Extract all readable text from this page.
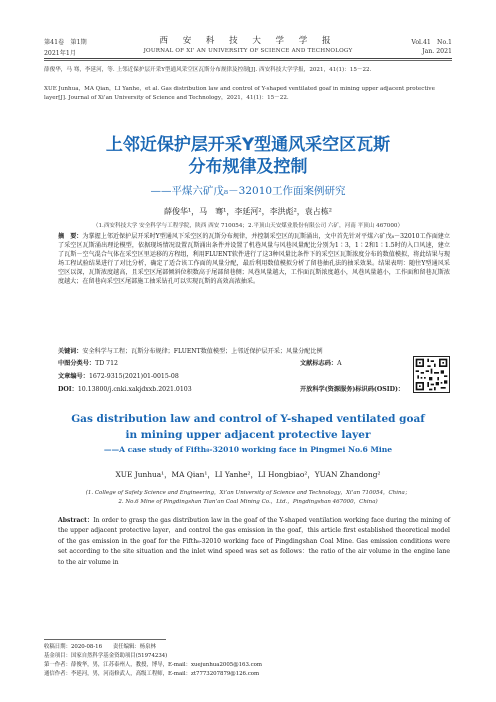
第41卷　第1期
2021年1月
西 安 科 技 大 学 学 报
JOURNAL OF XI’ AN UNIVERSITY OF SCIENCE AND TECHNOLOGY
Vol.41　No.1
Jan. 2021
薛俊华，马 骞，李延河，等. 上邻近保护层开采Y型通风采空区瓦斯分布规律及控制[J]. 西安科技大学学报，2021，41(1)：15－22.
XUE Junhua，MA Qian，LI Yanhe，et al. Gas distribution law and control of Y-shaped ventilated goaf in mining upper adjacent protective layer[J]. Journal of Xi’an University of Science and Technology，2021，41(1)：15－22.
上邻近保护层开采Y型通风采空区瓦斯
分布规律及控制
——平煤六矿戊₈－32010工作面案例研究
薛俊华¹，马　骞¹，李延河²，李洪彪²，袁占栋²
（1.西安科技大学 安全科学与工程学院，陕西 西安 710054；2.平顶山天安煤业股份有限公司 六矿，河南 平顶山 467000）
摘　要：为掌握上邻近保护层开采时Y型通风下采空区的瓦斯分布规律，并控制采空区的瓦斯涌出，文中首先针对平煤六矿戊₈－32010工作面建立了采空区瓦斯涌出理论模型，依据现场情况设置瓦斯涌出条件并设置了机巷风量与风巷风量配比分别为1∶3，1∶2和1∶1.5时的入口风速，建立了瓦斯－空气混合气体在采空区里运移的方程组，利用FLUENT软件进行了这3种风量比条件下的采空区瓦斯浓度分布的数值模拟，将此结果与现场工程试验结果进行了对比分析，确定了适合该工作面的风量分配，最后利用数值模拟分析了留巷抽孔法的抽采效果。结果表明：随往Y型通风采空区以深，瓦斯浓度越高，且采空区尾部倾斜位积数高于尾部留巷侧；风巷风量越大，工作面瓦斯浓度越小，风巷风量越小，工作面和留巷瓦斯浓度越大；在留巷向采空区尾部施工抽采钻孔可以实现瓦斯的高效高浓抽采。
关键词：安全科学与工程；瓦斯分布规律；FLUENT数值模型；上邻近保护层开采；风量分配比例
中图分类号：TD 712	文献标志码：A
文章编号：1672-9315(2021)01-0015-08
DOI：10.13800/j.cnki.xakjdxxb.2021.0103	开放科学(资源服务)标识码(OSID)：
Gas distribution law and control of Y-shaped ventilated goaf
in mining upper adjacent protective layer
——A case study of Fifth₈-32010 working face in Pingmei No.6 Mine
XUE Junhua¹，MA Qian¹，LI Yanhe²，LI Hongbiao²，YUAN Zhandong²
(1. College of Safety Science and Engineering，Xi’an University of Science and Technology，Xi’an 710054，China；
2. No.6 Mine of Pingdingshan Tian’an Coal Mining Co.，Ltd.，Pingdingshan 467000，China)
Abstract：In order to grasp the gas distribution law in the goaf of the Y-shaped ventilation working face during the mining of the upper adjacent protective layer，and control the gas emission in the goaf，this article first established theoretical model of the gas emission in the goaf for the Fifth₈-32010 working face of Pingdingshan Coal Mine. Gas emission conditions were set according to the site situation and the inlet wind speed was set as follows：the ratio of the air volume in the engine lane to the air volume in
收稿日期：2020-08-16　　责任编辑：杨泉林
基金项目：国家自然科学基金资助项目(51974234)
第一作者：薛俊华，男，江苏泰州人，教授，博导，E-mail：xuejunhua2005@163.com
通信作者：李延河，男，河南修武人，高级工程师，E-mail：zt7773207879@126.com
